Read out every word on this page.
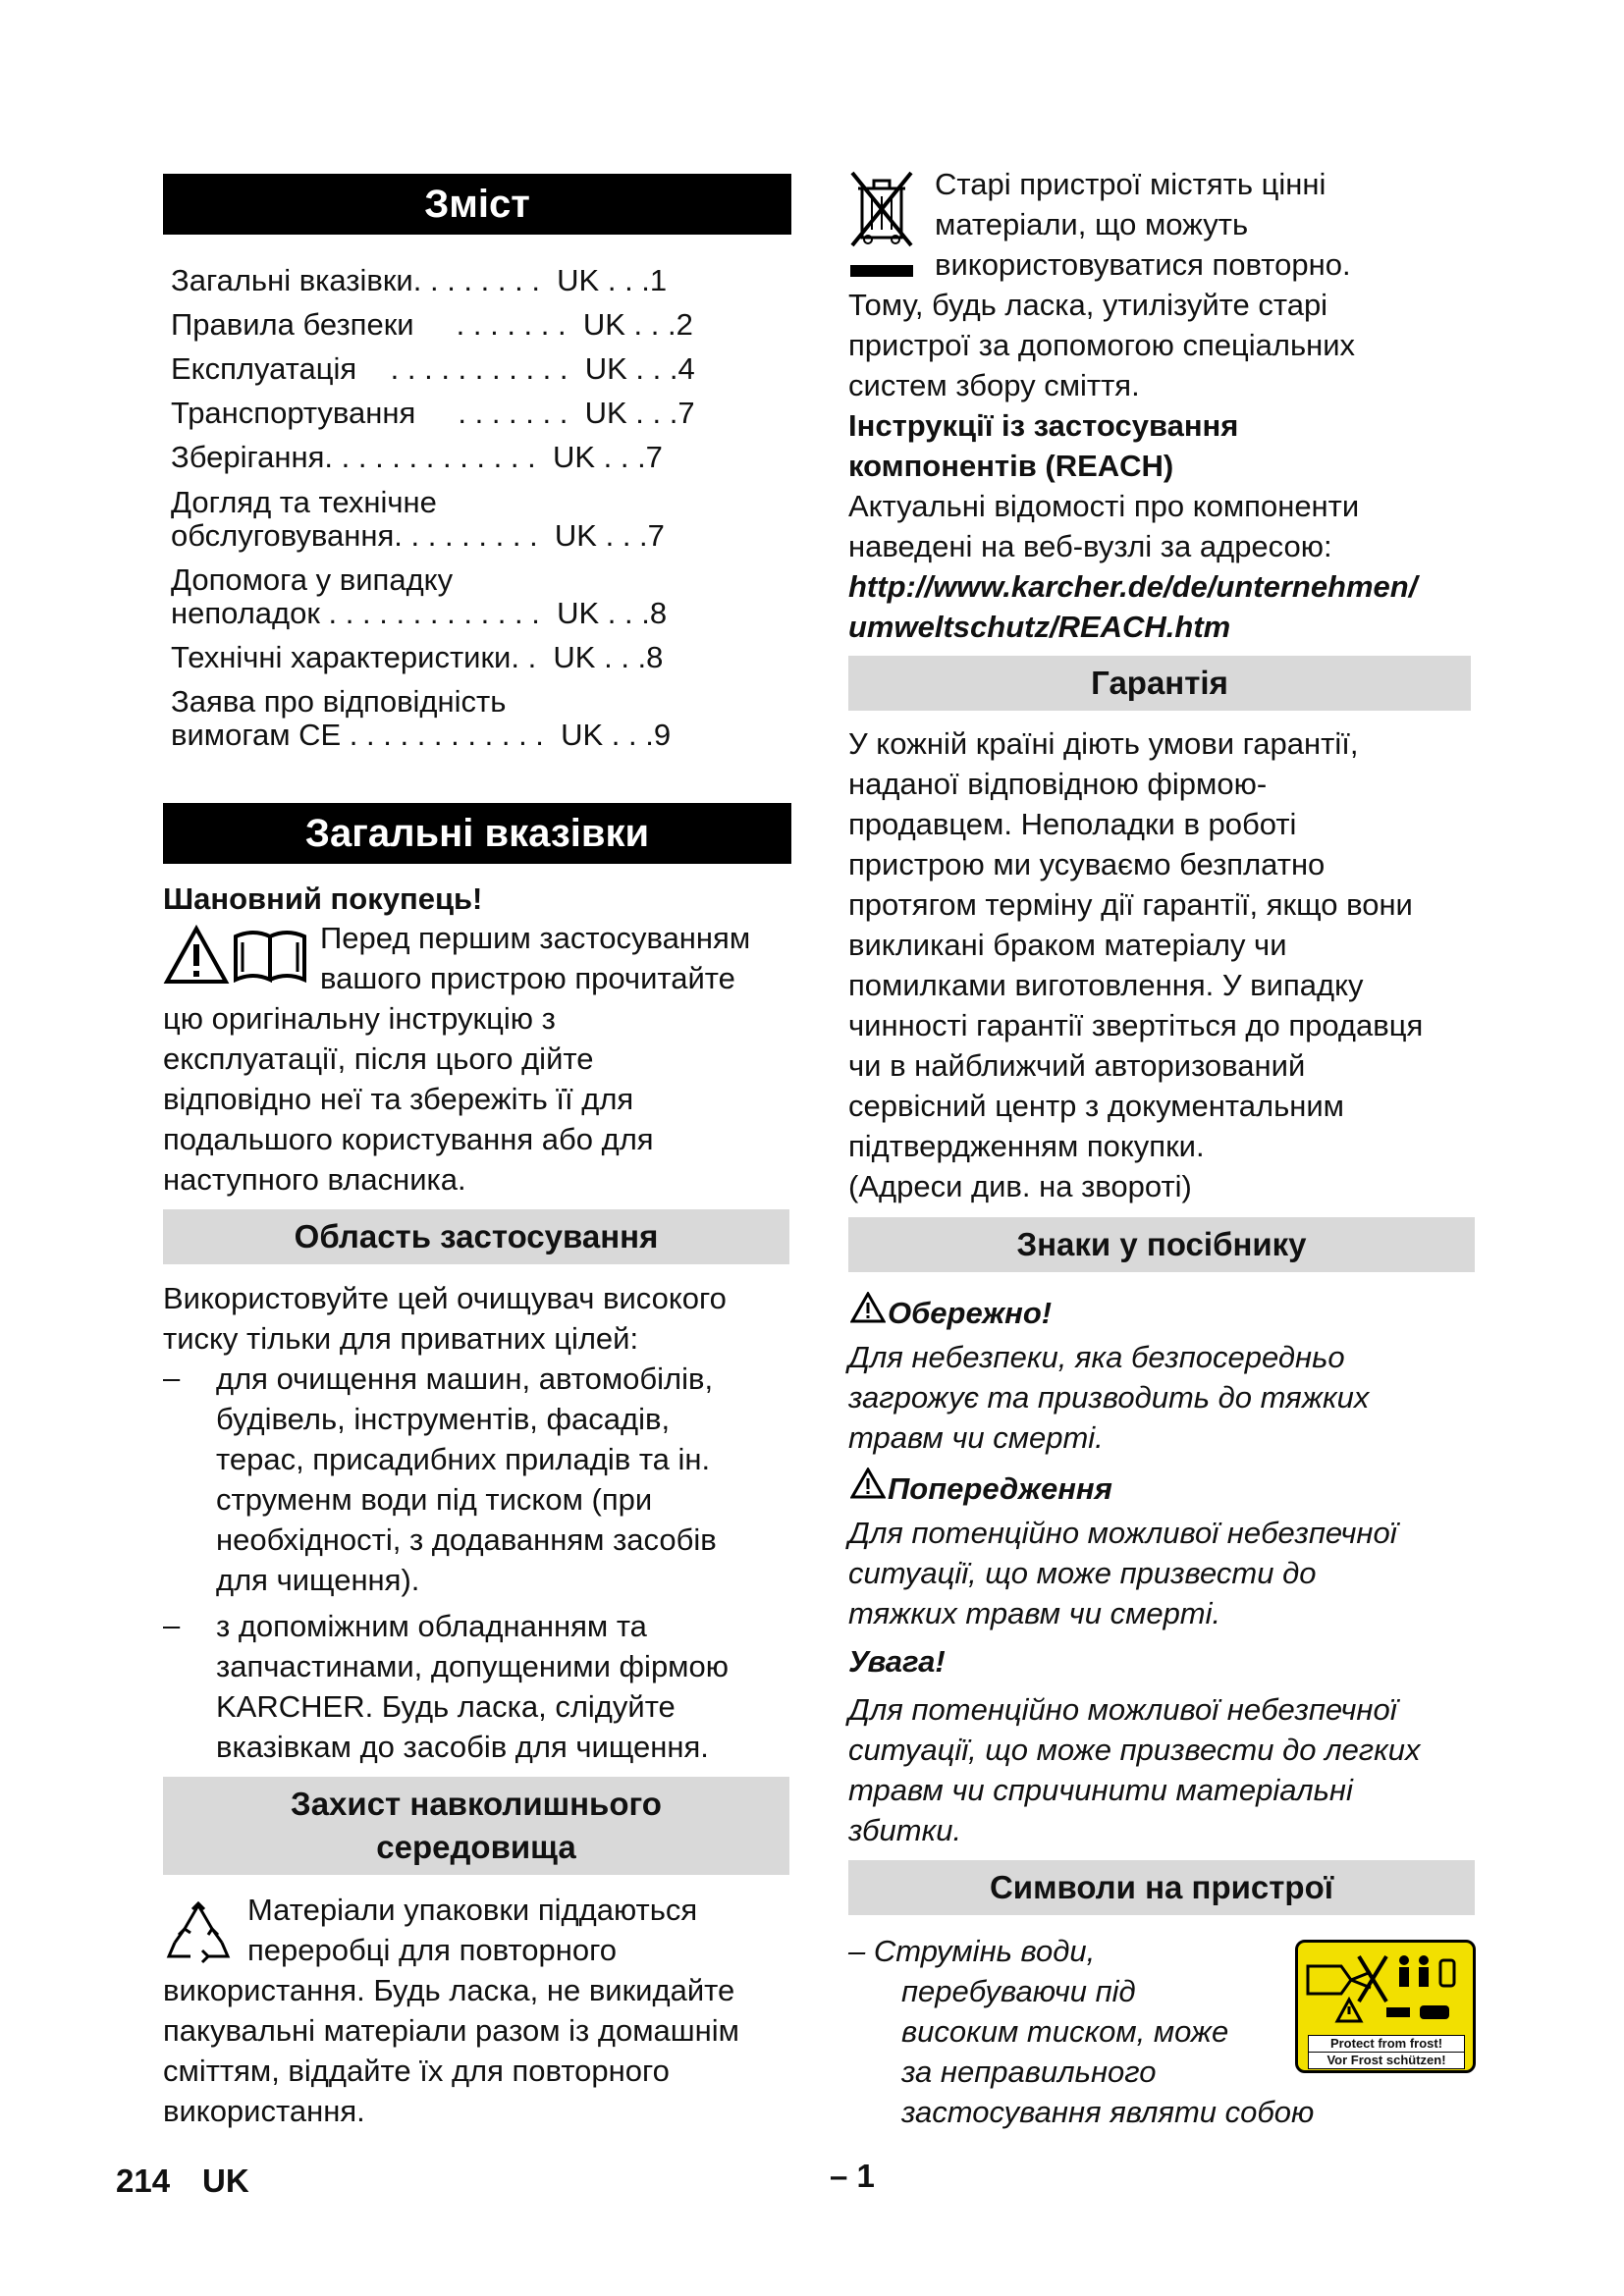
Зміст
Загальні вказівки. . . . . . . .  UK . . .1
Правила безпеки     . . . . . . .  UK . . .2
Експлуатація    . . . . . . . . . . .  UK . . .4
Транспортування     . . . . . . .  UK . . .7
Зберігання. . . . . . . . . . . . .  UK . . .7
Догляд та технічне
обслуговування. . . . . . . . .  UK . . .7
Допомога у випадку
неполадок . . . . . . . . . . . . .  UK . . .8
Технічні характеристики. .  UK . . .8
Заява про відповідність
вимогам CE . . . . . . . . . . . .  UK . . .9
Загальні вказівки
Шановний покупець!
Перед першим застосуванням
вашого пристрою прочитайте
цю оригінальну інструкцію з
експлуатації, після цього дійте
відповідно неї та збережіть її для
подальшого користування або для
наступного власника.
Область застосування
Використовуйте цей очищувач високого
тиску тільки для приватних цілей:
– для очищення машин, автомобілів,
будівель, інструментів, фасадів,
терас, присадибних приладів та ін.
струменм води під тиском (при
необхідності, з додаванням засобів
для чищення).
– з допоміжним обладнанням та
запчастинами, допущеними фірмою
KARCHER. Будь ласка, слідуйте
вказівкам до засобів для чищення.
Захист навколишнього
середовища
Матеріали упаковки піддаються
переробці для повторного
використання. Будь ласка, не викидайте
пакувальні матеріали разом із домашнім
сміттям, віддайте їх для повторного
використання.
214 UK
Старі пристрої містять цінні
матеріали, що можуть
використовуватися повторно.
Тому, будь ласка, утилізуйте старі
пристрої за допомогою спеціальних
систем збору сміття.
Інструкції із застосування
компонентів (REACH)
Актуальні відомості про компоненти
наведені на веб-вузлі за адресою:
http://www.karcher.de/de/unternehmen/
umweltschutz/REACH.htm
Гарантія
У кожній країні діють умови гарантії,
наданої відповідною фірмою-
продавцем. Неполадки в роботі
пристрою ми усуваємо безплатно
протягом терміну дії гарантії, якщо вони
викликані браком матеріалу чи
помилками виготовлення. У випадку
чинності гарантії звертіться до продавця
чи в найближчий авторизований
сервісний центр з документальним
підтвердженням покупки.
(Адреси див. на звороті)
Знаки у посібнику
Обережно!
Для небезпеки, яка безпосередньо
загрожує та призводить до тяжких
травм чи смерті.
Попередження
Для потенційно можливої небезпечної
ситуації, що може призвести до
тяжких травм чи смерті.
Увага!
Для потенційно можливої небезпечної
ситуації, що може призвести до легких
травм чи спричинити матеріальні
збитки.
Символи на пристрої
– Струмінь води,
перебуваючи під
високим тиском, може
за неправильного
застосування являти собою
Protect from frost!
Vor Frost schützen!
– 1
